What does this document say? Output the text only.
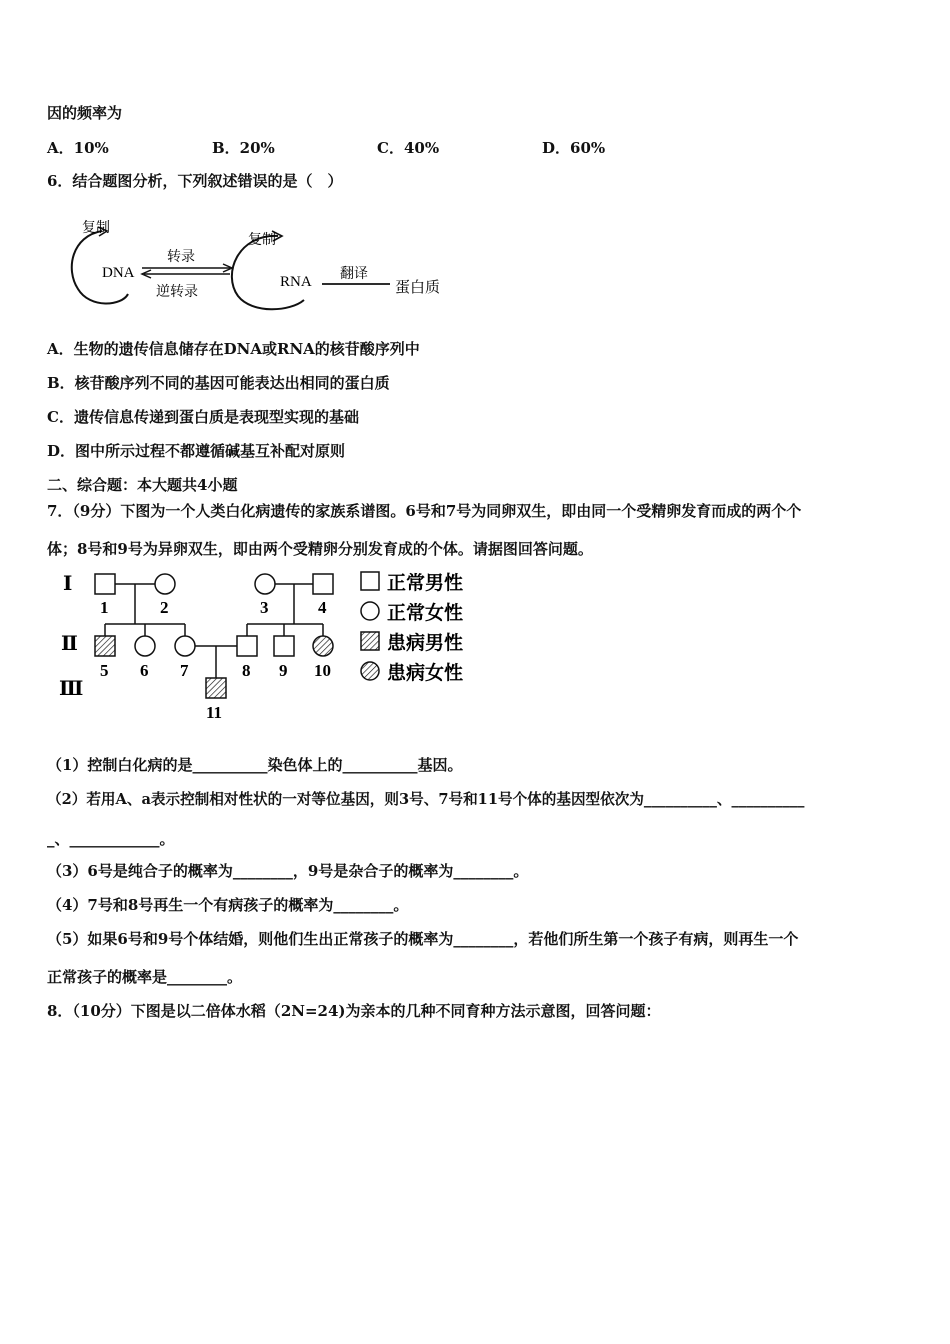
因的频率为
A．10%	B．20%	C．40%	D．60%
6．结合题图分析，下列叙述错误的是（　）
复制
DNA
转录
逆转录
复制
RNA 翻译
蛋白质
A．生物的遗传信息储存在DNA或RNA的核苷酸序列中
B．核苷酸序列不同的基因可能表达出相同的蛋白质
C．遗传信息传递到蛋白质是表现型实现的基础
D．图中所示过程不都遵循碱基互补配对原则
二、综合题：本大题共4小题
7．（9分）下图为一个人类白化病遗传的家族系谱图。6号和7号为同卵双生，即由同一个受精卵发育而成的两个个
体；8号和9号为异卵双生，即由两个受精卵分别发育成的个体。请据图回答问题。
Ⅰ
Ⅱ
Ⅲ
1	2	3	4
5 6 7	8 9 10
11
正常男性
正常女性
患病男性
患病女性
（1）控制白化病的是__________染色体上的__________基因。
（2）若用A、a表示控制相对性状的一对等位基因，则3号、7号和11号个体的基因型依次为__________、__________
_、____________。
（3）6号是纯合子的概率为________，9号是杂合子的概率为________。
（4）7号和8号再生一个有病孩子的概率为________。
（5）如果6号和9号个体结婚，则他们生出正常孩子的概率为________，若他们所生第一个孩子有病，则再生一个
正常孩子的概率是________。
8．（10分）下图是以二倍体水稻（2N=24)为亲本的几种不同育种方法示意图，回答问题：
